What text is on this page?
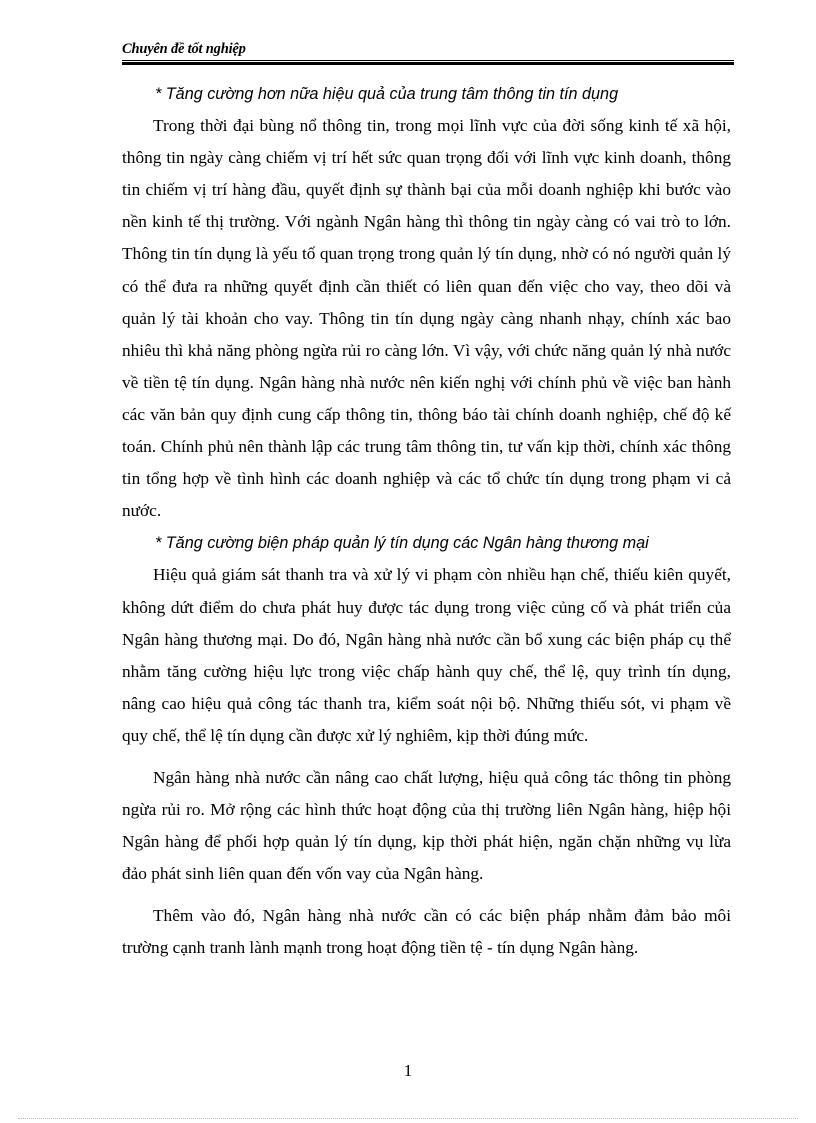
Chuyên đề tốt nghiệp

* Tăng cường hơn nữa hiệu quả của trung tâm thông tin tín dụng

Trong thời đại bùng nổ thông tin, trong mọi lĩnh vực của đời sống kinh tế xã hội, thông tin ngày càng chiếm vị trí hết sức quan trọng đối với lĩnh vực kinh doanh, thông tin chiếm vị trí hàng đầu, quyết định sự thành bại của mỗi doanh nghiệp khi bước vào nền kinh tế thị trường. Với ngành Ngân hàng thì thông tin ngày càng có vai trò to lớn. Thông tin tín dụng là yếu tố quan trọng trong quản lý tín dụng, nhờ có nó người quản lý có thể đưa ra những quyết định cần thiết có liên quan đến việc cho vay, theo dõi và quản lý tài khoản cho vay. Thông tin tín dụng ngày càng nhanh nhạy, chính xác bao nhiêu thì khả năng phòng ngừa rủi ro càng lớn. Vì vậy, với chức năng quản lý nhà nước về tiền tệ tín dụng. Ngân hàng nhà nước nên kiến nghị với chính phủ về việc ban hành các văn bản quy định cung cấp thông tin, thông báo tài chính doanh nghiệp, chế độ kế toán. Chính phủ nên thành lập các trung tâm thông tin, tư vấn kịp thời, chính xác thông tin tổng hợp về tình hình các doanh nghiệp và các tổ chức tín dụng trong phạm vi cả nước.

* Tăng cường biện pháp quản lý tín dụng các Ngân hàng thương mại

Hiệu quả giám sát thanh tra và xử lý vi phạm còn nhiều hạn chế, thiếu kiên quyết, không dứt điểm do chưa phát huy được tác dụng trong việc củng cố và phát triển của Ngân hàng thương mại. Do đó, Ngân hàng nhà nước cần bổ xung các biện pháp cụ thể nhằm tăng cường hiệu lực trong việc chấp hành quy chế, thể lệ, quy trình tín dụng, nâng cao hiệu quả công tác thanh tra, kiểm soát nội bộ. Những thiếu sót, vi phạm về quy chế, thể lệ tín dụng cần được xử lý nghiêm, kịp thời đúng mức.

Ngân hàng nhà nước cần nâng cao chất lượng, hiệu quả công tác thông tin phòng ngừa rủi ro. Mở rộng các hình thức hoạt động của thị trường liên Ngân hàng, hiệp hội Ngân hàng để phối hợp quản lý tín dụng, kịp thời phát hiện, ngăn chặn những vụ lừa đảo phát sinh liên quan đến vốn vay của Ngân hàng.

Thêm vào đó, Ngân hàng nhà nước cần có các biện pháp nhằm đảm bảo môi trường cạnh tranh lành mạnh trong hoạt động tiền tệ - tín dụng Ngân hàng.

1
